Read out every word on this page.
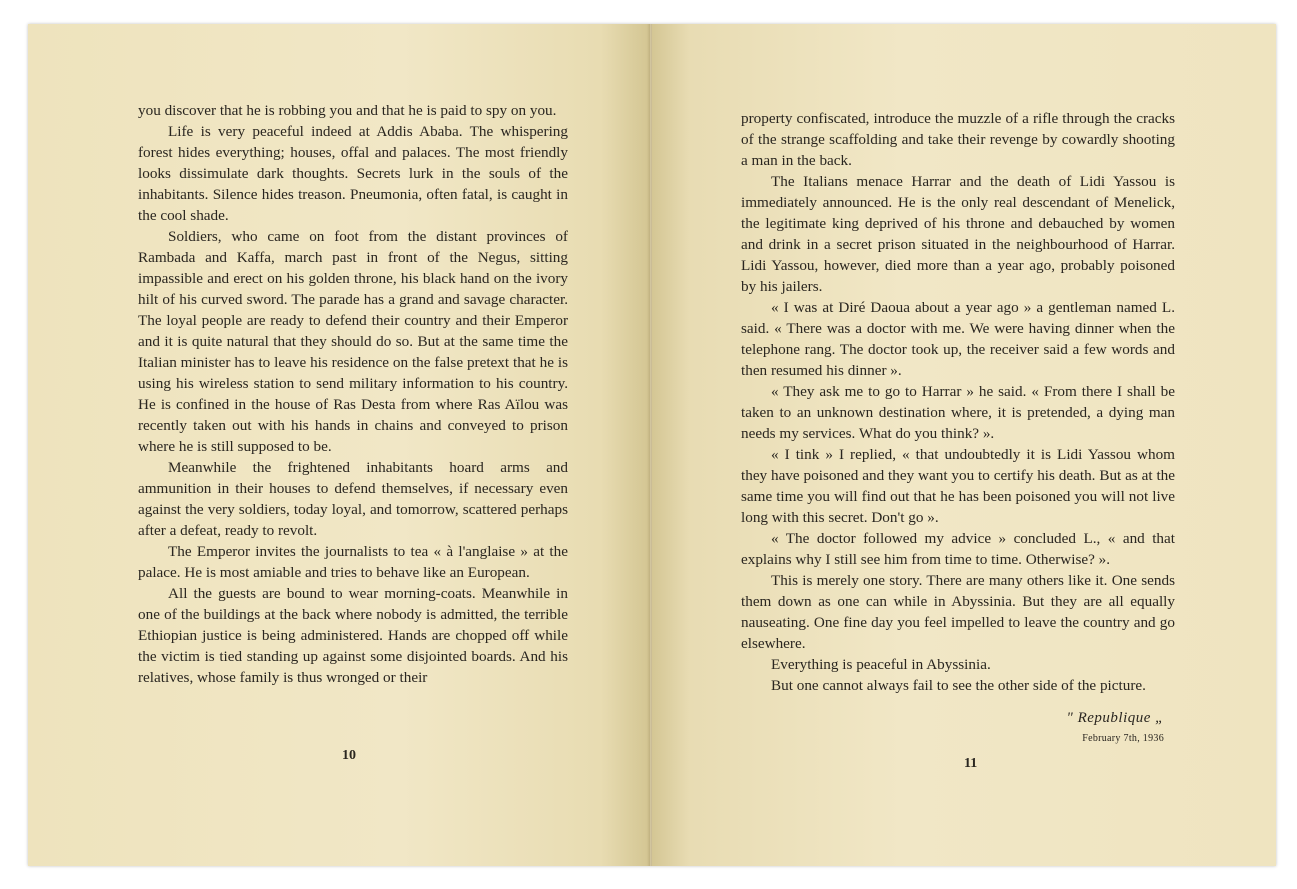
you discover that he is robbing you and that he is paid to spy on you.

Life is very peaceful indeed at Addis Ababa. The whispering forest hides everything; houses, offal and palaces. The most friendly looks dissimulate dark thoughts. Secrets lurk in the souls of the inhabitants. Silence hides treason. Pneumonia, often fatal, is caught in the cool shade.

Soldiers, who came on foot from the distant provinces of Rambada and Kaffa, march past in front of the Negus, sitting impassible and erect on his golden throne, his black hand on the ivory hilt of his curved sword. The parade has a grand and savage character. The loyal people are ready to defend their country and their Emperor and it is quite natural that they should do so. But at the same time the Italian minister has to leave his residence on the false pretext that he is using his wireless station to send military information to his country. He is confined in the house of Ras Desta from where Ras Aïlou was recently taken out with his hands in chains and conveyed to prison where he is still supposed to be.

Meanwhile the frightened inhabitants hoard arms and ammunition in their houses to defend themselves, if necessary even against the very soldiers, today loyal, and tomorrow, scattered perhaps after a defeat, ready to revolt.

The Emperor invites the journalists to tea « à l'anglaise » at the palace. He is most amiable and tries to behave like an European.

All the guests are bound to wear morning-coats. Meanwhile in one of the buildings at the back where nobody is admitted, the terrible Ethiopian justice is being administered. Hands are chopped off while the victim is tied standing up against some disjointed boards. And his relatives, whose family is thus wronged or their

10

property confiscated, introduce the muzzle of a rifle through the cracks of the strange scaffolding and take their revenge by cowardly shooting a man in the back.

The Italians menace Harrar and the death of Lidi Yassou is immediately announced. He is the only real descendant of Menelick, the legitimate king deprived of his throne and debauched by women and drink in a secret prison situated in the neighbourhood of Harrar. Lidi Yassou, however, died more than a year ago, probably poisoned by his jailers.

« I was at Diré Daoua about a year ago » a gentleman named L. said. « There was a doctor with me. We were having dinner when the telephone rang. The doctor took up, the receiver said a few words and then resumed his dinner ».

« They ask me to go to Harrar » he said. « From there I shall be taken to an unknown destination where, it is pretended, a dying man needs my services. What do you think? ».

« I tink » I replied, « that undoubtedly it is Lidi Yassou whom they have poisoned and they want you to certify his death. But as at the same time you will find out that he has been poisoned you will not live long with this secret. Don't go ».

« The doctor followed my advice » concluded L., « and that explains why I still see him from time to time. Otherwise? ».

This is merely one story. There are many others like it. One sends them down as one can while in Abyssinia. But they are all equally nauseating. One fine day you feel impelled to leave the country and go elsewhere.

Everything is peaceful in Abyssinia.

But one cannot always fail to see the other side of the picture.

" Republique „
February 7th, 1936
11
